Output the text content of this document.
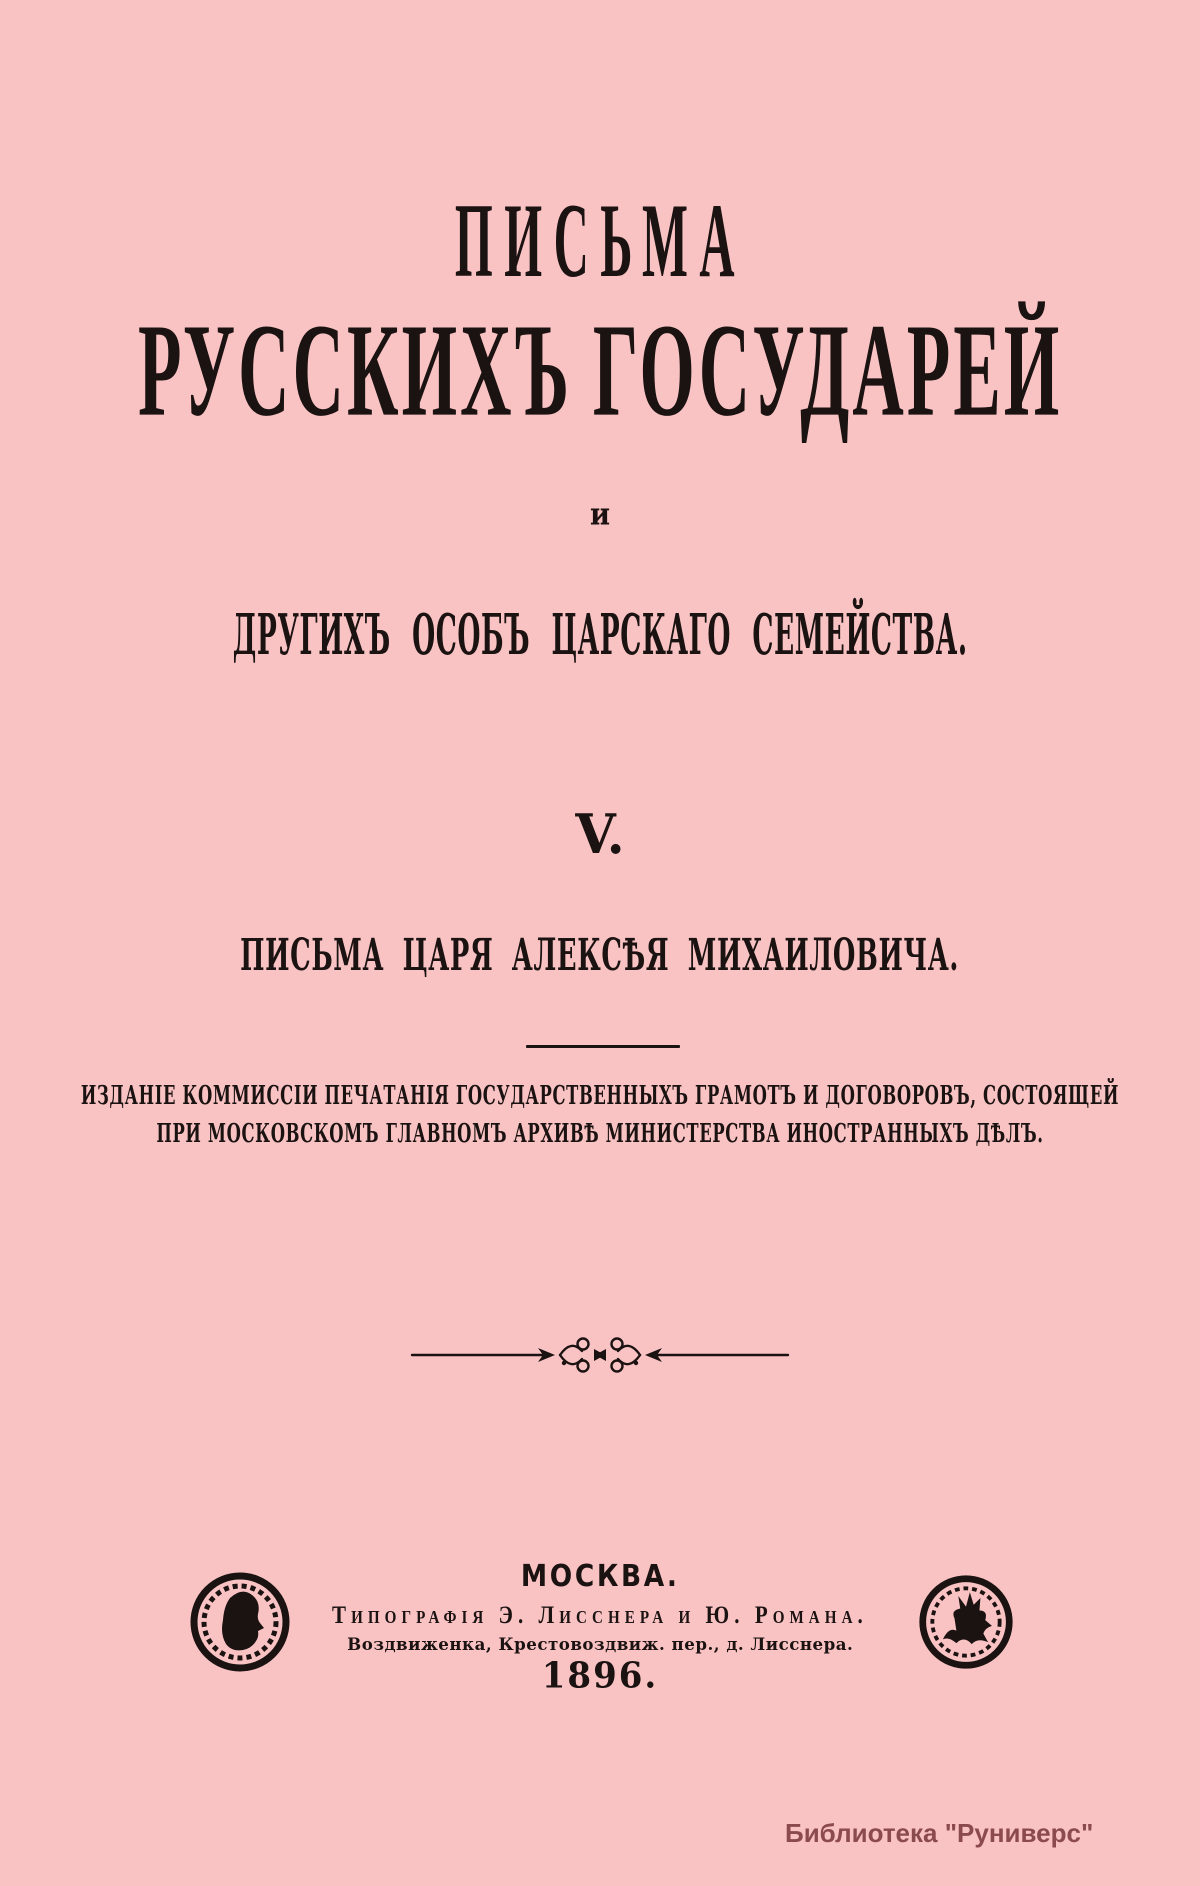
ПИСЬМА
РУССКИХЪ ГОСУДАРЕЙ
и
ДРУГИХЪ ОСОБЪ ЦАРСКАГО СЕМЕЙСТВА.
V.
ПИСЬМА ЦАРЯ АЛЕКСѢЯ МИХАИЛОВИЧА.
ИЗДАНІЕ КОММИССІИ ПЕЧАТАНІЯ ГОСУДАРСТВЕННЫХЪ ГРАМОТЪ И ДОГОВОРОВЪ, СОСТОЯЩЕЙ
ПРИ МОСКОВСКОМЪ ГЛАВНОМЪ АРХИВѢ МИНИСТЕРСТВА ИНОСТРАННЫХЪ ДѢЛЪ.
МОСКВА.
Типографія Э. Лисснера и Ю. Романа.
Воздвиженка, Крестовоздвиж. пер., д. Лисснера.
1896.
Библиотека "Руниверс"
